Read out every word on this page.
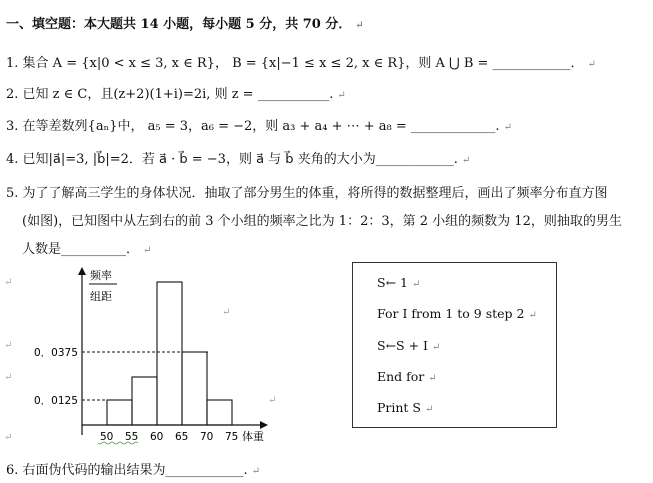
一、填空题：本大题共 14 小题，每小题 5 分，共 70 分． ↵
1. 集合 A = {x|0 < x ≤ 3, x ∈ R}， B = {x|−1 ≤ x ≤ 2, x ∈ R}，则 A ⋃ B = ____________． ↵
2. 已知 z ∈ C，且(z+2)(1+i)=2i, 则 z = ___________. ↵
3. 在等差数列{aₙ}中， a₅ = 3，a₆ = −2，则 a₃ + a₄ + ⋯ + a₈ = _____________. ↵
4. 已知|a⃗|=3, |b⃗|=2．若 a⃗ · b⃗ = −3，则 a⃗ 与 b⃗ 夹角的大小为____________. ↵
5. 为了了解高三学生的身体状况．抽取了部分男生的体重，将所得的数据整理后，画出了频率分布直方图
(如图)，已知图中从左到右的前 3 个小组的频率之比为 1：2：3，第 2 小组的频数为 12，则抽取的男生
人数是__________． ↵
↵
↵
↵
↵
↵
↵
频率
组距
0．0375
0．0125
50 55 60 65 70 75 体重
S← 1 ↵
For I from 1 to 9 step 2 ↵
S←S + I ↵
End for ↵
Print S ↵
6. 右面伪代码的输出结果为____________. ↵
